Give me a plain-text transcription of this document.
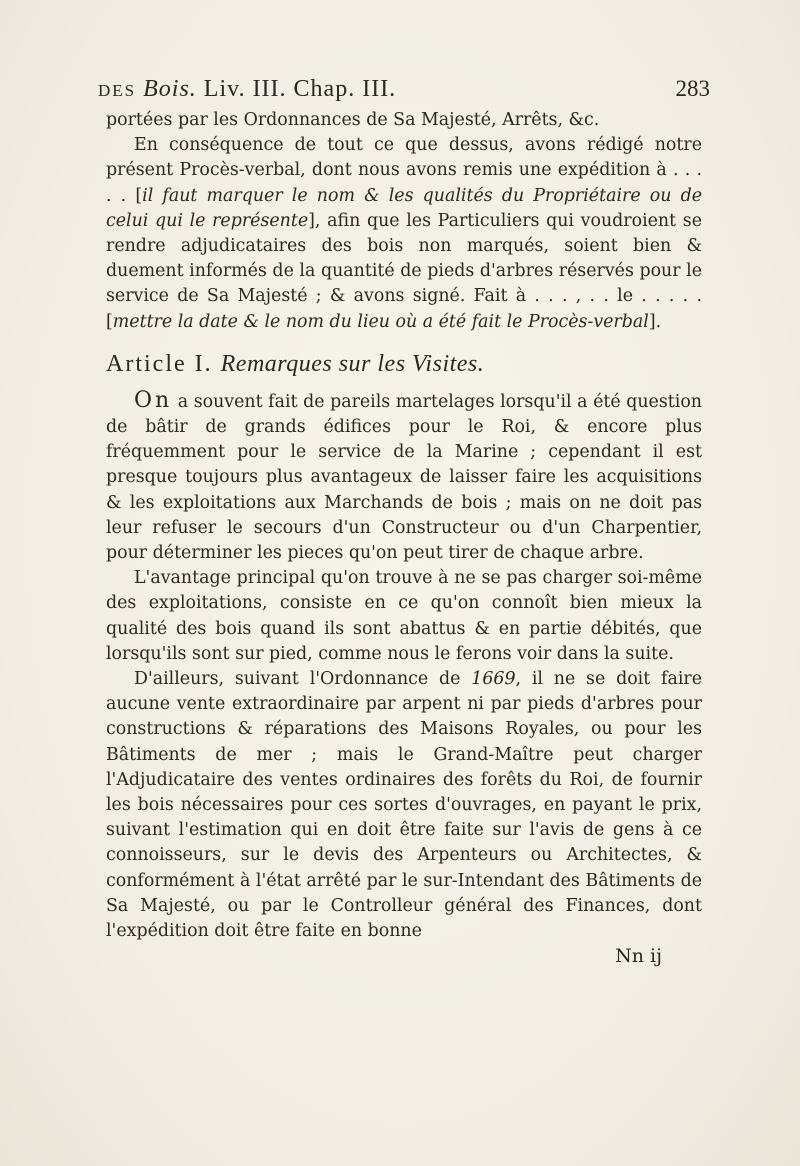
DES Bois. Liv. III. Chap. III.	283

portées par les Ordonnances de Sa Majesté, Arrêts, &c.

En conséquence de tout ce que dessus, avons rédigé notre présent Procès-verbal, dont nous avons remis une expédition à . . . . . [il faut marquer le nom & les qualités du Propriétaire ou de celui qui le représente], afin que les Particuliers qui voudroient se rendre adjudicataires des bois non marqués, soient bien & duement informés de la quantité de pieds d'arbres réservés pour le service de Sa Majesté ; & avons signé. Fait à . . . , . . le . . . . . [mettre la date & le nom du lieu où a été fait le Procès-verbal].

Article I. Remarques sur les Visites.

On a souvent fait de pareils martelages lorsqu'il a été question de bâtir de grands édifices pour le Roi, & encore plus fréquemment pour le service de la Marine ; cependant il est presque toujours plus avantageux de laisser faire les acquisitions & les exploitations aux Marchands de bois ; mais on ne doit pas leur refuser le secours d'un Constructeur ou d'un Charpentier, pour déterminer les pieces qu'on peut tirer de chaque arbre.

L'avantage principal qu'on trouve à ne se pas charger soi-même des exploitations, consiste en ce qu'on connoît bien mieux la qualité des bois quand ils sont abattus & en partie débités, que lorsqu'ils sont sur pied, comme nous le ferons voir dans la suite.

D'ailleurs, suivant l'Ordonnance de 1669, il ne se doit faire aucune vente extraordinaire par arpent ni par pieds d'arbres pour constructions & réparations des Maisons Royales, ou pour les Bâtiments de mer ; mais le Grand-Maître peut charger l'Adjudicataire des ventes ordinaires des forêts du Roi, de fournir les bois nécessaires pour ces sortes d'ouvrages, en payant le prix, suivant l'estimation qui en doit être faite sur l'avis de gens à ce connoisseurs, sur le devis des Arpenteurs ou Architectes, & conformément à l'état arrêté par le sur-Intendant des Bâtiments de Sa Majesté, ou par le Controlleur général des Finances, dont l'expédition doit être faite en bonne

Nn ij
